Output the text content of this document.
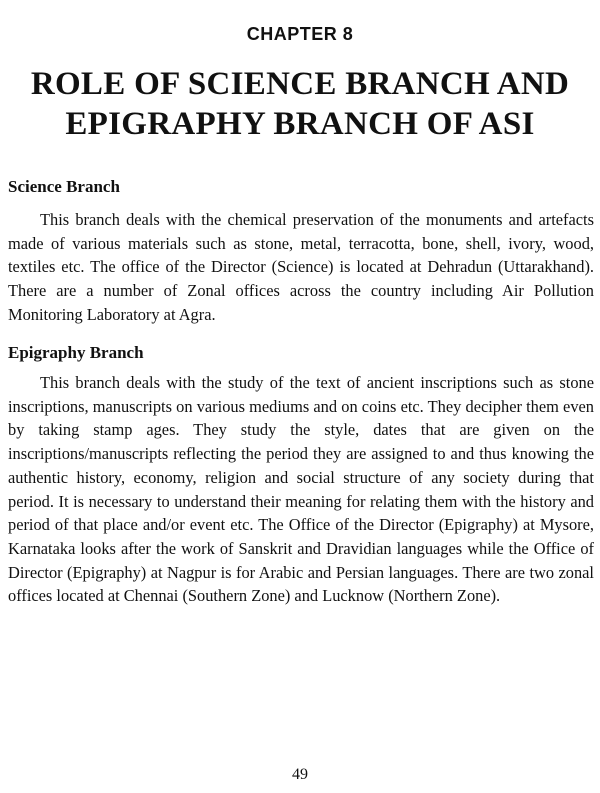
CHAPTER 8
ROLE OF SCIENCE BRANCH AND
EPIGRAPHY BRANCH OF ASI
Science Branch

This branch deals with the chemical preservation of the monuments and artefacts made of various materials such as stone, metal, terracotta, bone, shell, ivory, wood, textiles etc. The office of the Director (Science) is located at Dehradun (Uttarakhand). There are a number of Zonal offices across the country including Air Pollution Monitoring Laboratory at Agra.

Epigraphy Branch

This branch deals with the study of the text of ancient inscriptions such as stone inscriptions, manuscripts on various mediums and on coins etc. They decipher them even by taking stamp ages. They study the style, dates that are given on the inscriptions/manuscripts reflecting the period they are assigned to and thus knowing the authentic history, economy, religion and social structure of any society during that period. It is necessary to understand their meaning for relating them with the history and period of that place and/or event etc. The Office of the Director (Epigraphy) at Mysore, Karnataka looks after the work of Sanskrit and Dravidian languages while the Office of Director (Epigraphy) at Nagpur is for Arabic and Persian languages. There are two zonal offices located at Chennai (Southern Zone) and Lucknow (Northern Zone).

49
